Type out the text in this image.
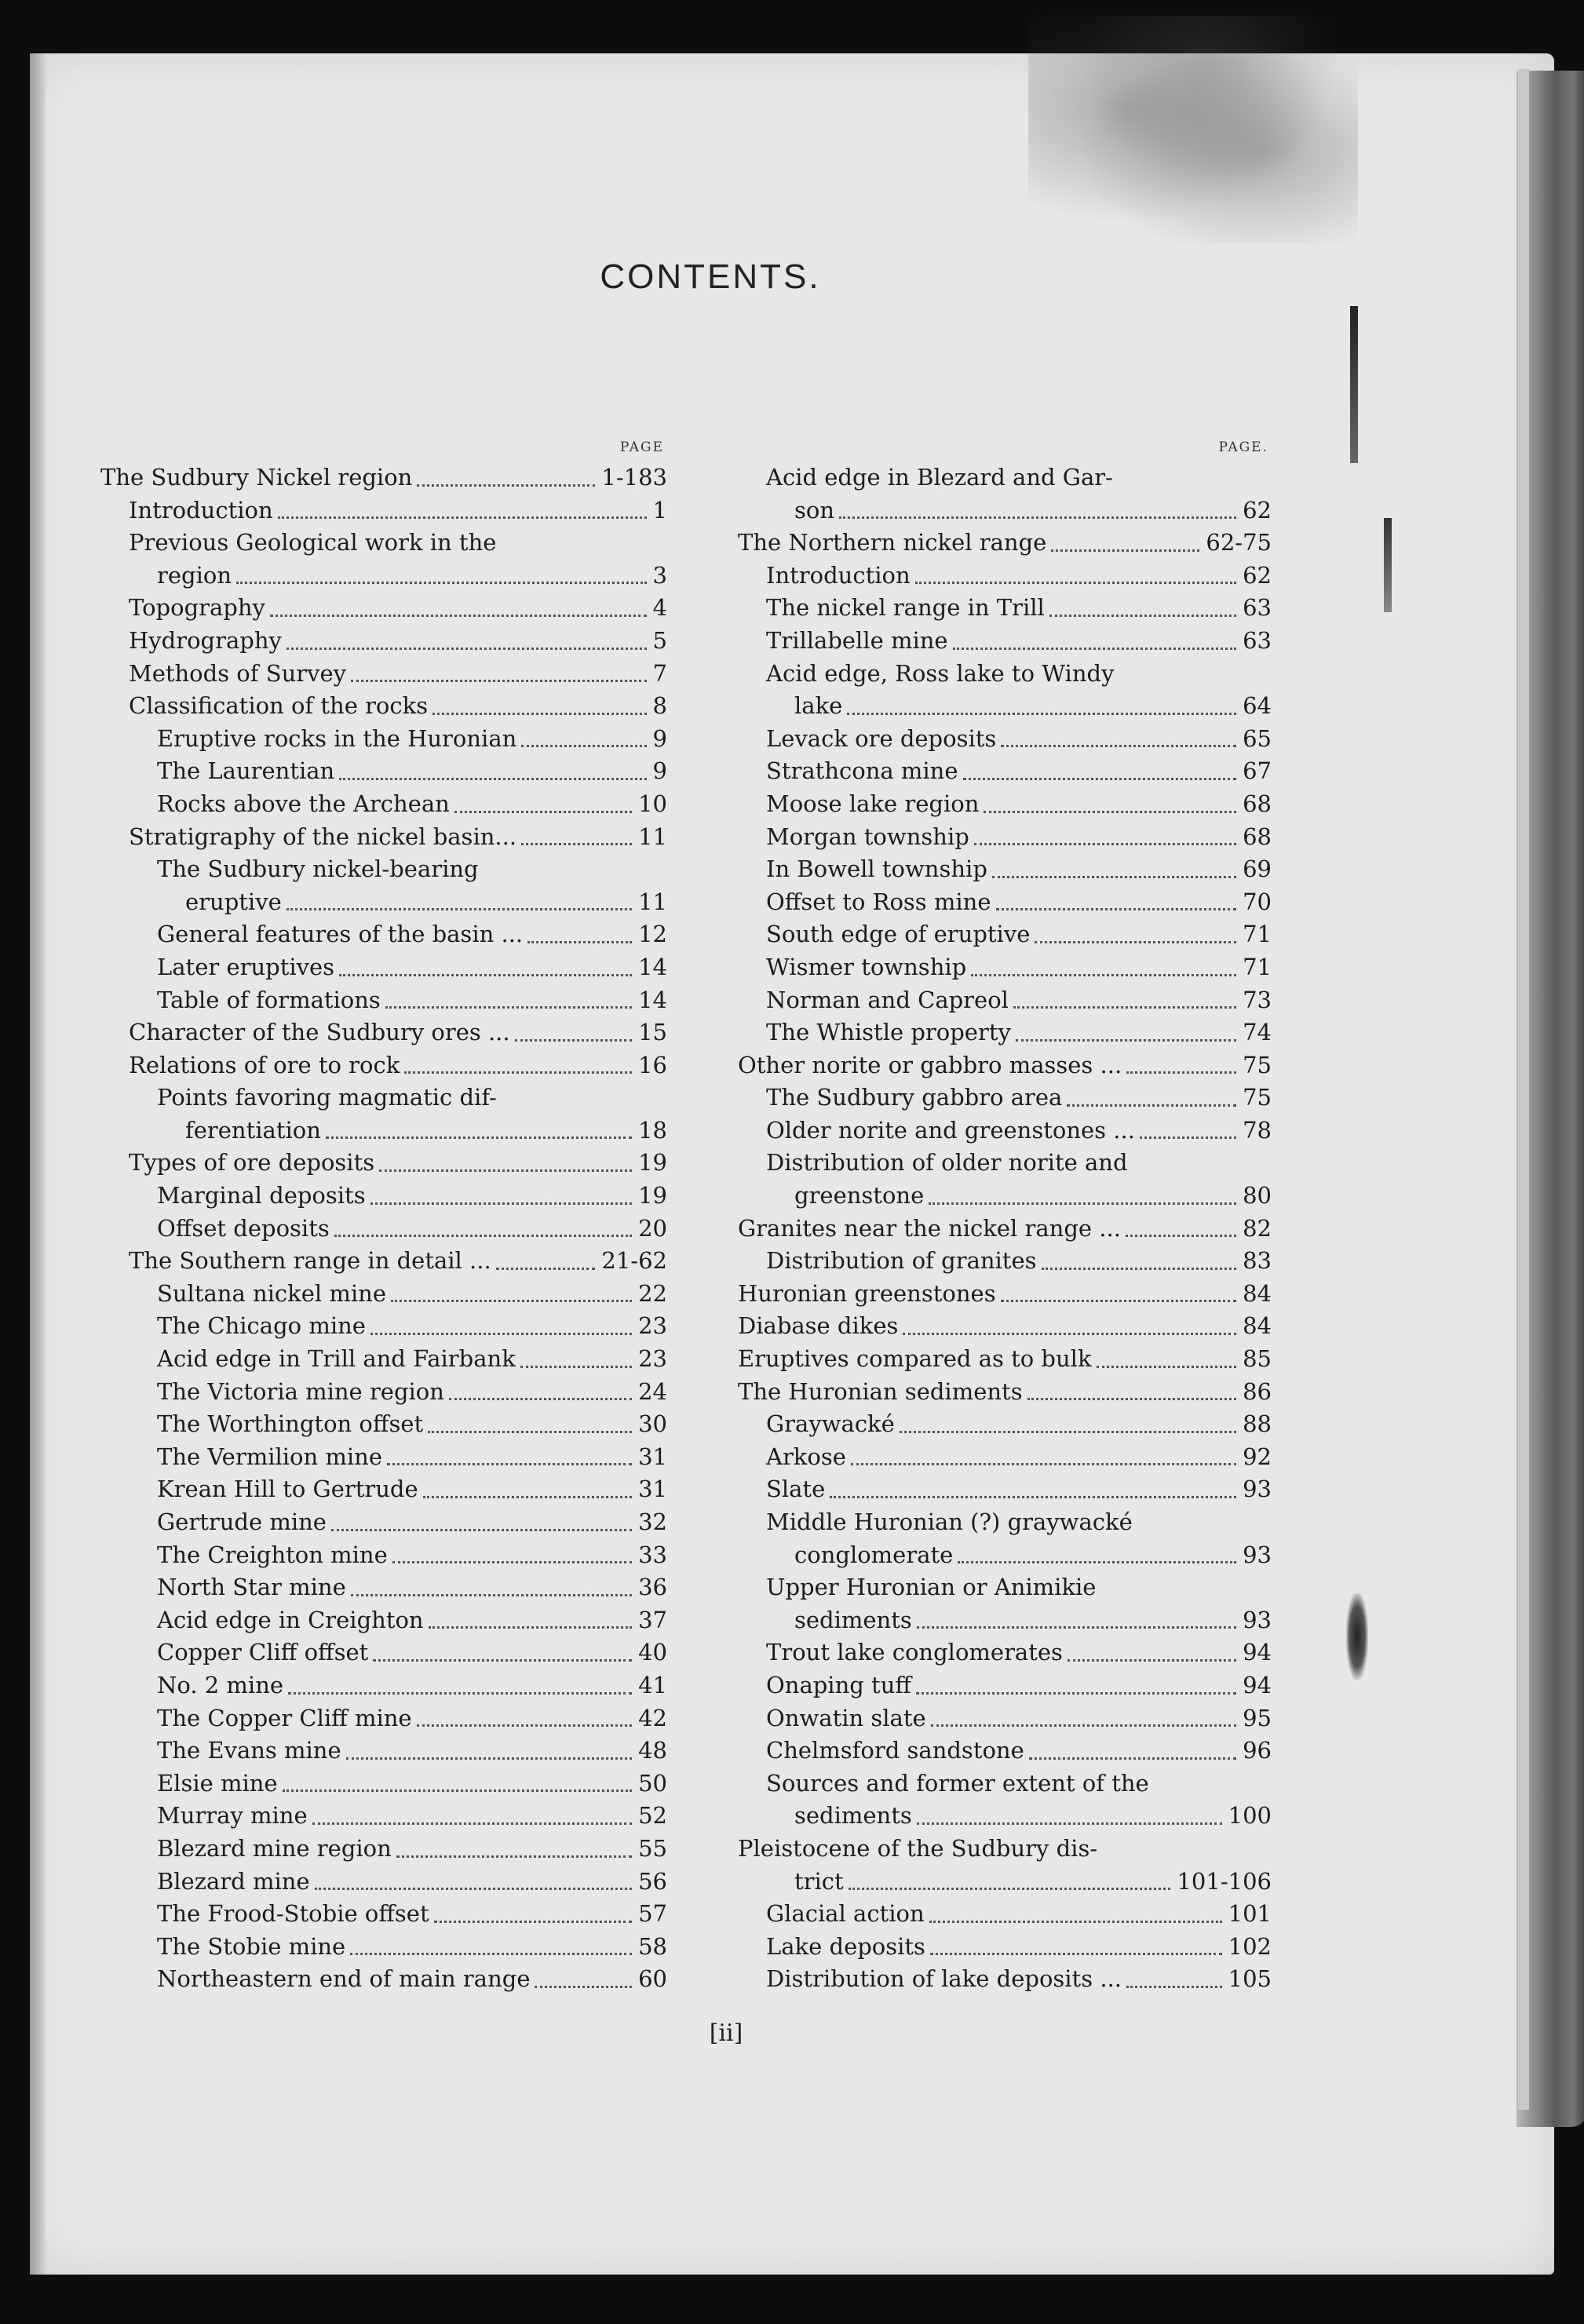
CONTENTS.
PAGE
The Sudbury Nickel region	1-183
Introduction	1
Previous Geological work in the
region	3
Topography	4
Hydrography	5
Methods of Survey	7
Classification of the rocks	8
Eruptive rocks in the Huronian	9
The Laurentian	9
Rocks above the Archean	10
Stratigraphy of the nickel basin...	11
The Sudbury nickel-bearing
eruptive	11
General features of the basin ...	12
Later eruptives	14
Table of formations	14
Character of the Sudbury ores ...	15
Relations of ore to rock	16
Points favoring magmatic dif-
ferentiation	18
Types of ore deposits	19
Marginal deposits	19
Offset deposits	20
The Southern range in detail ...	21-62
Sultana nickel mine	22
The Chicago mine	23
Acid edge in Trill and Fairbank	23
The Victoria mine region	24
The Worthington offset	30
The Vermilion mine	31
Krean Hill to Gertrude	31
Gertrude mine	32
The Creighton mine	33
North Star mine	36
Acid edge in Creighton	37
Copper Cliff offset	40
No. 2 mine	41
The Copper Cliff mine	42
The Evans mine	48
Elsie mine	50
Murray mine	52
Blezard mine region	55
Blezard mine	56
The Frood-Stobie offset	57
The Stobie mine	58
Northeastern end of main range	60
PAGE.
Acid edge in Blezard and Gar-
son	62
The Northern nickel range	62-75
Introduction	62
The nickel range in Trill	63
Trillabelle mine	63
Acid edge, Ross lake to Windy
lake	64
Levack ore deposits	65
Strathcona mine	67
Moose lake region	68
Morgan township	68
In Bowell township	69
Offset to Ross mine	70
South edge of eruptive	71
Wismer township	71
Norman and Capreol	73
The Whistle property	74
Other norite or gabbro masses ...	75
The Sudbury gabbro area	75
Older norite and greenstones ...	78
Distribution of older norite and
greenstone	80
Granites near the nickel range ...	82
Distribution of granites	83
Huronian greenstones	84
Diabase dikes	84
Eruptives compared as to bulk	85
The Huronian sediments	86
Graywacké	88
Arkose	92
Slate	93
Middle Huronian (?) graywacké
conglomerate	93
Upper Huronian or Animikie
sediments	93
Trout lake conglomerates	94
Onaping tuff	94
Onwatin slate	95
Chelmsford sandstone	96
Sources and former extent of the
sediments	100
Pleistocene of the Sudbury dis-
trict	101-106
Glacial action	101
Lake deposits	102
Distribution of lake deposits ...	105
[ii]
